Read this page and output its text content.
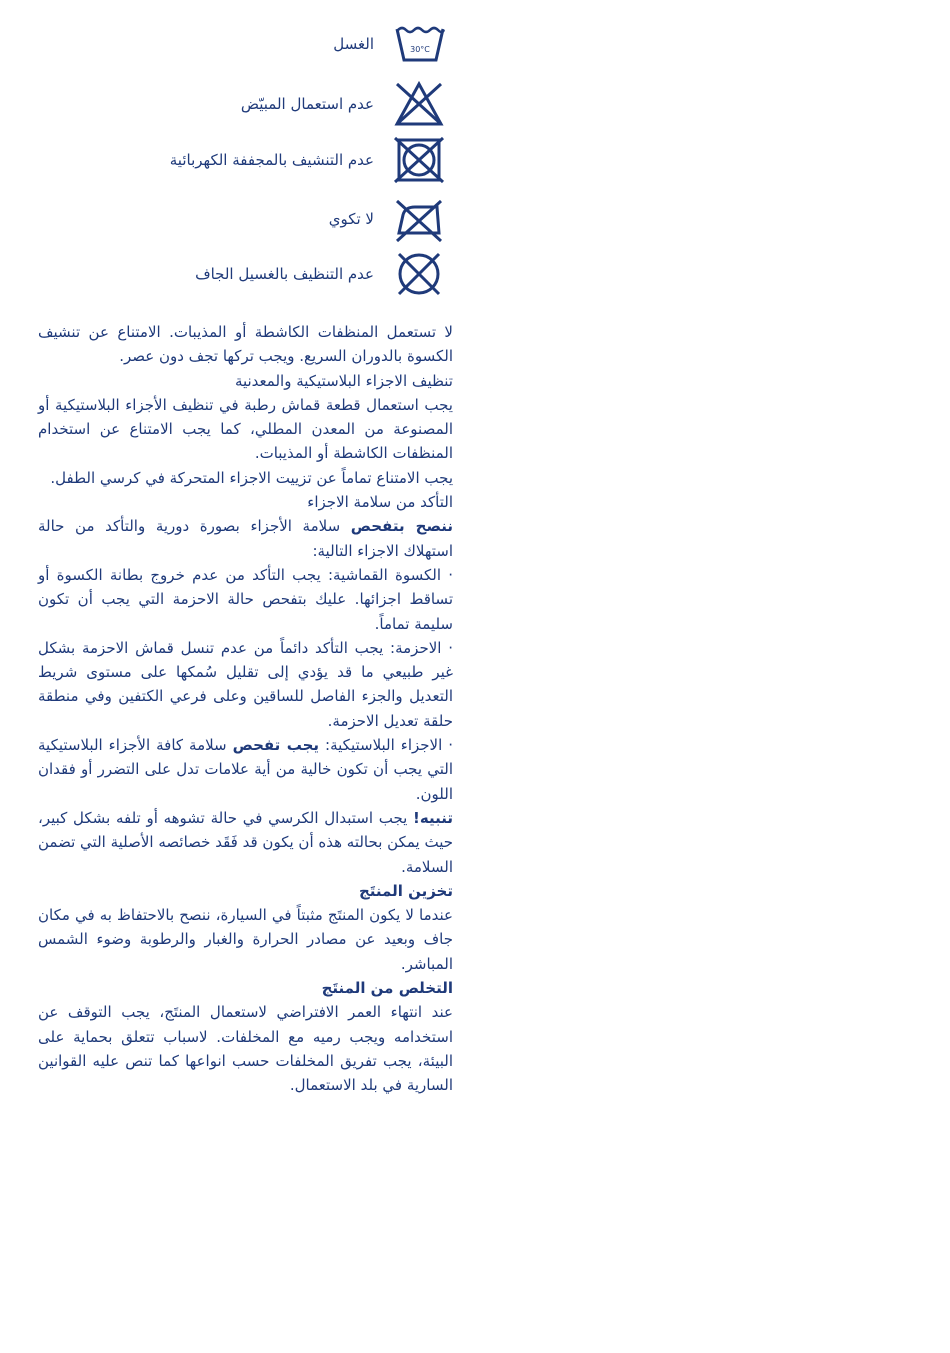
الغسل	30°C
عدم استعمال المبيّض
عدم التنشيف بالمجففة الكهربائية
لا تكوي
عدم التنظيف بالغسيل الجاف

لا تستعمل المنظفات الكاشطة أو المذيبات. الامتناع عن تنشيف الكسوة بالدوران السريع. ويجب تركها تجف دون عصر.

تنظيف الاجزاء البلاستيكية والمعدنية

يجب استعمال قطعة قماش رطبة في تنظيف الأجزاء البلاستيكية أو المصنوعة من المعدن المطلي، كما يجب الامتناع عن استخدام المنظفات الكاشطة أو المذيبات.

يجب الامتناع تماماً عن تزييت الاجزاء المتحركة في كرسي الطفل.

التأكد من سلامة الاجزاء

ننصح بتفحص سلامة الأجزاء بصورة دورية والتأكد من حالة استهلاك الاجزاء التالية:

· الكسوة القماشية: يجب التأكد من عدم خروج بطانة الكسوة أو تساقط اجزائها. عليك بتفحص حالة الاحزمة التي يجب أن تكون سليمة تماماً.

· الاحزمة: يجب التأكد دائماً من عدم تنسل قماش الاحزمة بشكل غير طبيعي ما قد يؤدي إلى تقليل سُمكها على مستوى شريط التعديل والجزء الفاصل للساقين وعلى فرعي الكتفين وفي منطقة حلقة تعديل الاحزمة.

· الاجزاء البلاستيكية: يجب تفحص سلامة كافة الأجزاء البلاستيكية التي يجب أن تكون خالية من أية علامات تدل على التضرر أو فقدان اللون.

تنبيه! يجب استبدال الكرسي في حالة تشوهه أو تلفه بشكل كبير، حيث يمكن بحالته هذه أن يكون قد فَقَد خصائصه الأصلية التي تضمن السلامة.

تخزين المنتَج

عندما لا يكون المنتَج مثبتاً في السيارة، ننصح بالاحتفاظ به في مكان جاف وبعيد عن مصادر الحرارة والغبار والرطوبة وضوء الشمس المباشر.

التخلص من المنتَج

عند انتهاء العمر الافتراضي لاستعمال المنتَج، يجب التوقف عن استخدامه ويجب رميه مع المخلفات. لاسباب تتعلق بحماية على البيئة، يجب تفريق المخلفات حسب انواعها كما تنص عليه القوانين السارية في بلد الاستعمال.
